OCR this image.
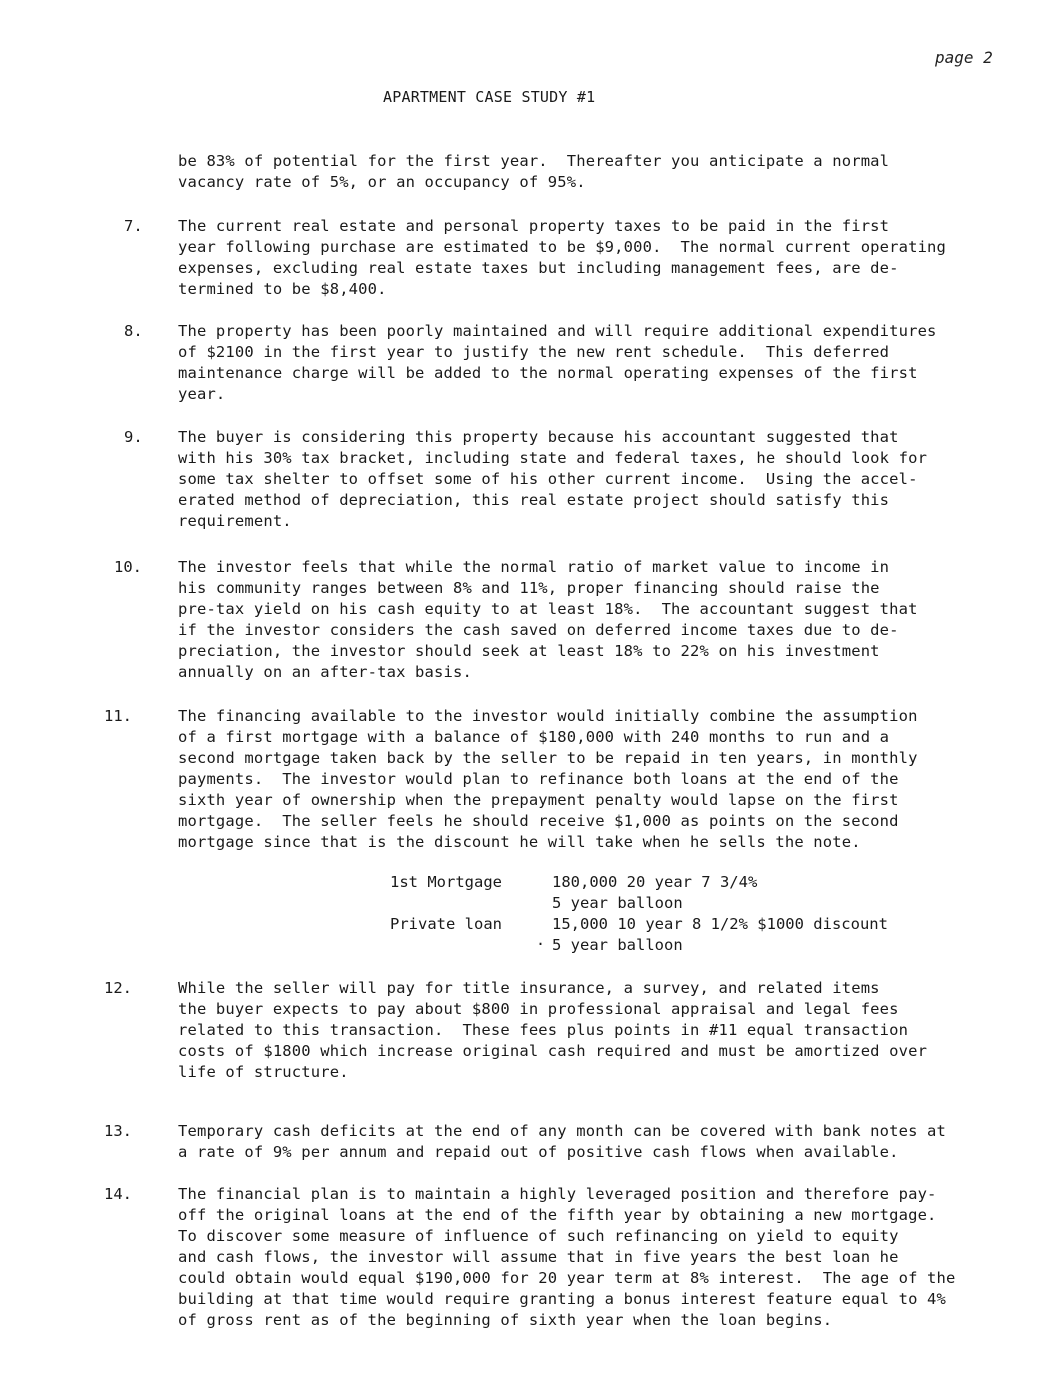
page 2
APARTMENT CASE STUDY #1
be 83% of potential for the first year.  Thereafter you anticipate a normal
vacancy rate of 5%, or an occupancy of 95%.
7. The current real estate and personal property taxes to be paid in the first
year following purchase are estimated to be $9,000.  The normal current operating
expenses, excluding real estate taxes but including management fees, are de-
termined to be $8,400.
8. The property has been poorly maintained and will require additional expenditures
of $2100 in the first year to justify the new rent schedule.  This deferred
maintenance charge will be added to the normal operating expenses of the first
year.
9. The buyer is considering this property because his accountant suggested that
with his 30% tax bracket, including state and federal taxes, he should look for
some tax shelter to offset some of his other current income.  Using the accel-
erated method of depreciation, this real estate project should satisfy this
requirement.
10. The investor feels that while the normal ratio of market value to income in
his community ranges between 8% and 11%, proper financing should raise the
pre-tax yield on his cash equity to at least 18%.  The accountant suggest that
if the investor considers the cash saved on deferred income taxes due to de-
preciation, the investor should seek at least 18% to 22% on his investment
annually on an after-tax basis.
11.	The financing available to the investor would initially combine the assumption
of a first mortgage with a balance of $180,000 with 240 months to run and a
second mortgage taken back by the seller to be repaid in ten years, in monthly
payments.  The investor would plan to refinance both loans at the end of the
sixth year of ownership when the prepayment penalty would lapse on the first
mortgage.  The seller feels he should receive $1,000 as points on the second
mortgage since that is the discount he will take when he sells the note.
1st Mortgage	180,000 20 year 7 3/4%
5 year balloon
Private loan	15,000 10 year 8 1/2% $1000 discount
5 year balloon
·
12.	While the seller will pay for title insurance, a survey, and related items
the buyer expects to pay about $800 in professional appraisal and legal fees
related to this transaction.  These fees plus points in #11 equal transaction
costs of $1800 which increase original cash required and must be amortized over
life of structure.
13.	Temporary cash deficits at the end of any month can be covered with bank notes at
a rate of 9% per annum and repaid out of positive cash flows when available.
14.	The financial plan is to maintain a highly leveraged position and therefore pay-
off the original loans at the end of the fifth year by obtaining a new mortgage.
To discover some measure of influence of such refinancing on yield to equity
and cash flows, the investor will assume that in five years the best loan he
could obtain would equal $190,000 for 20 year term at 8% interest.  The age of the
building at that time would require granting a bonus interest feature equal to 4%
of gross rent as of the beginning of sixth year when the loan begins.
